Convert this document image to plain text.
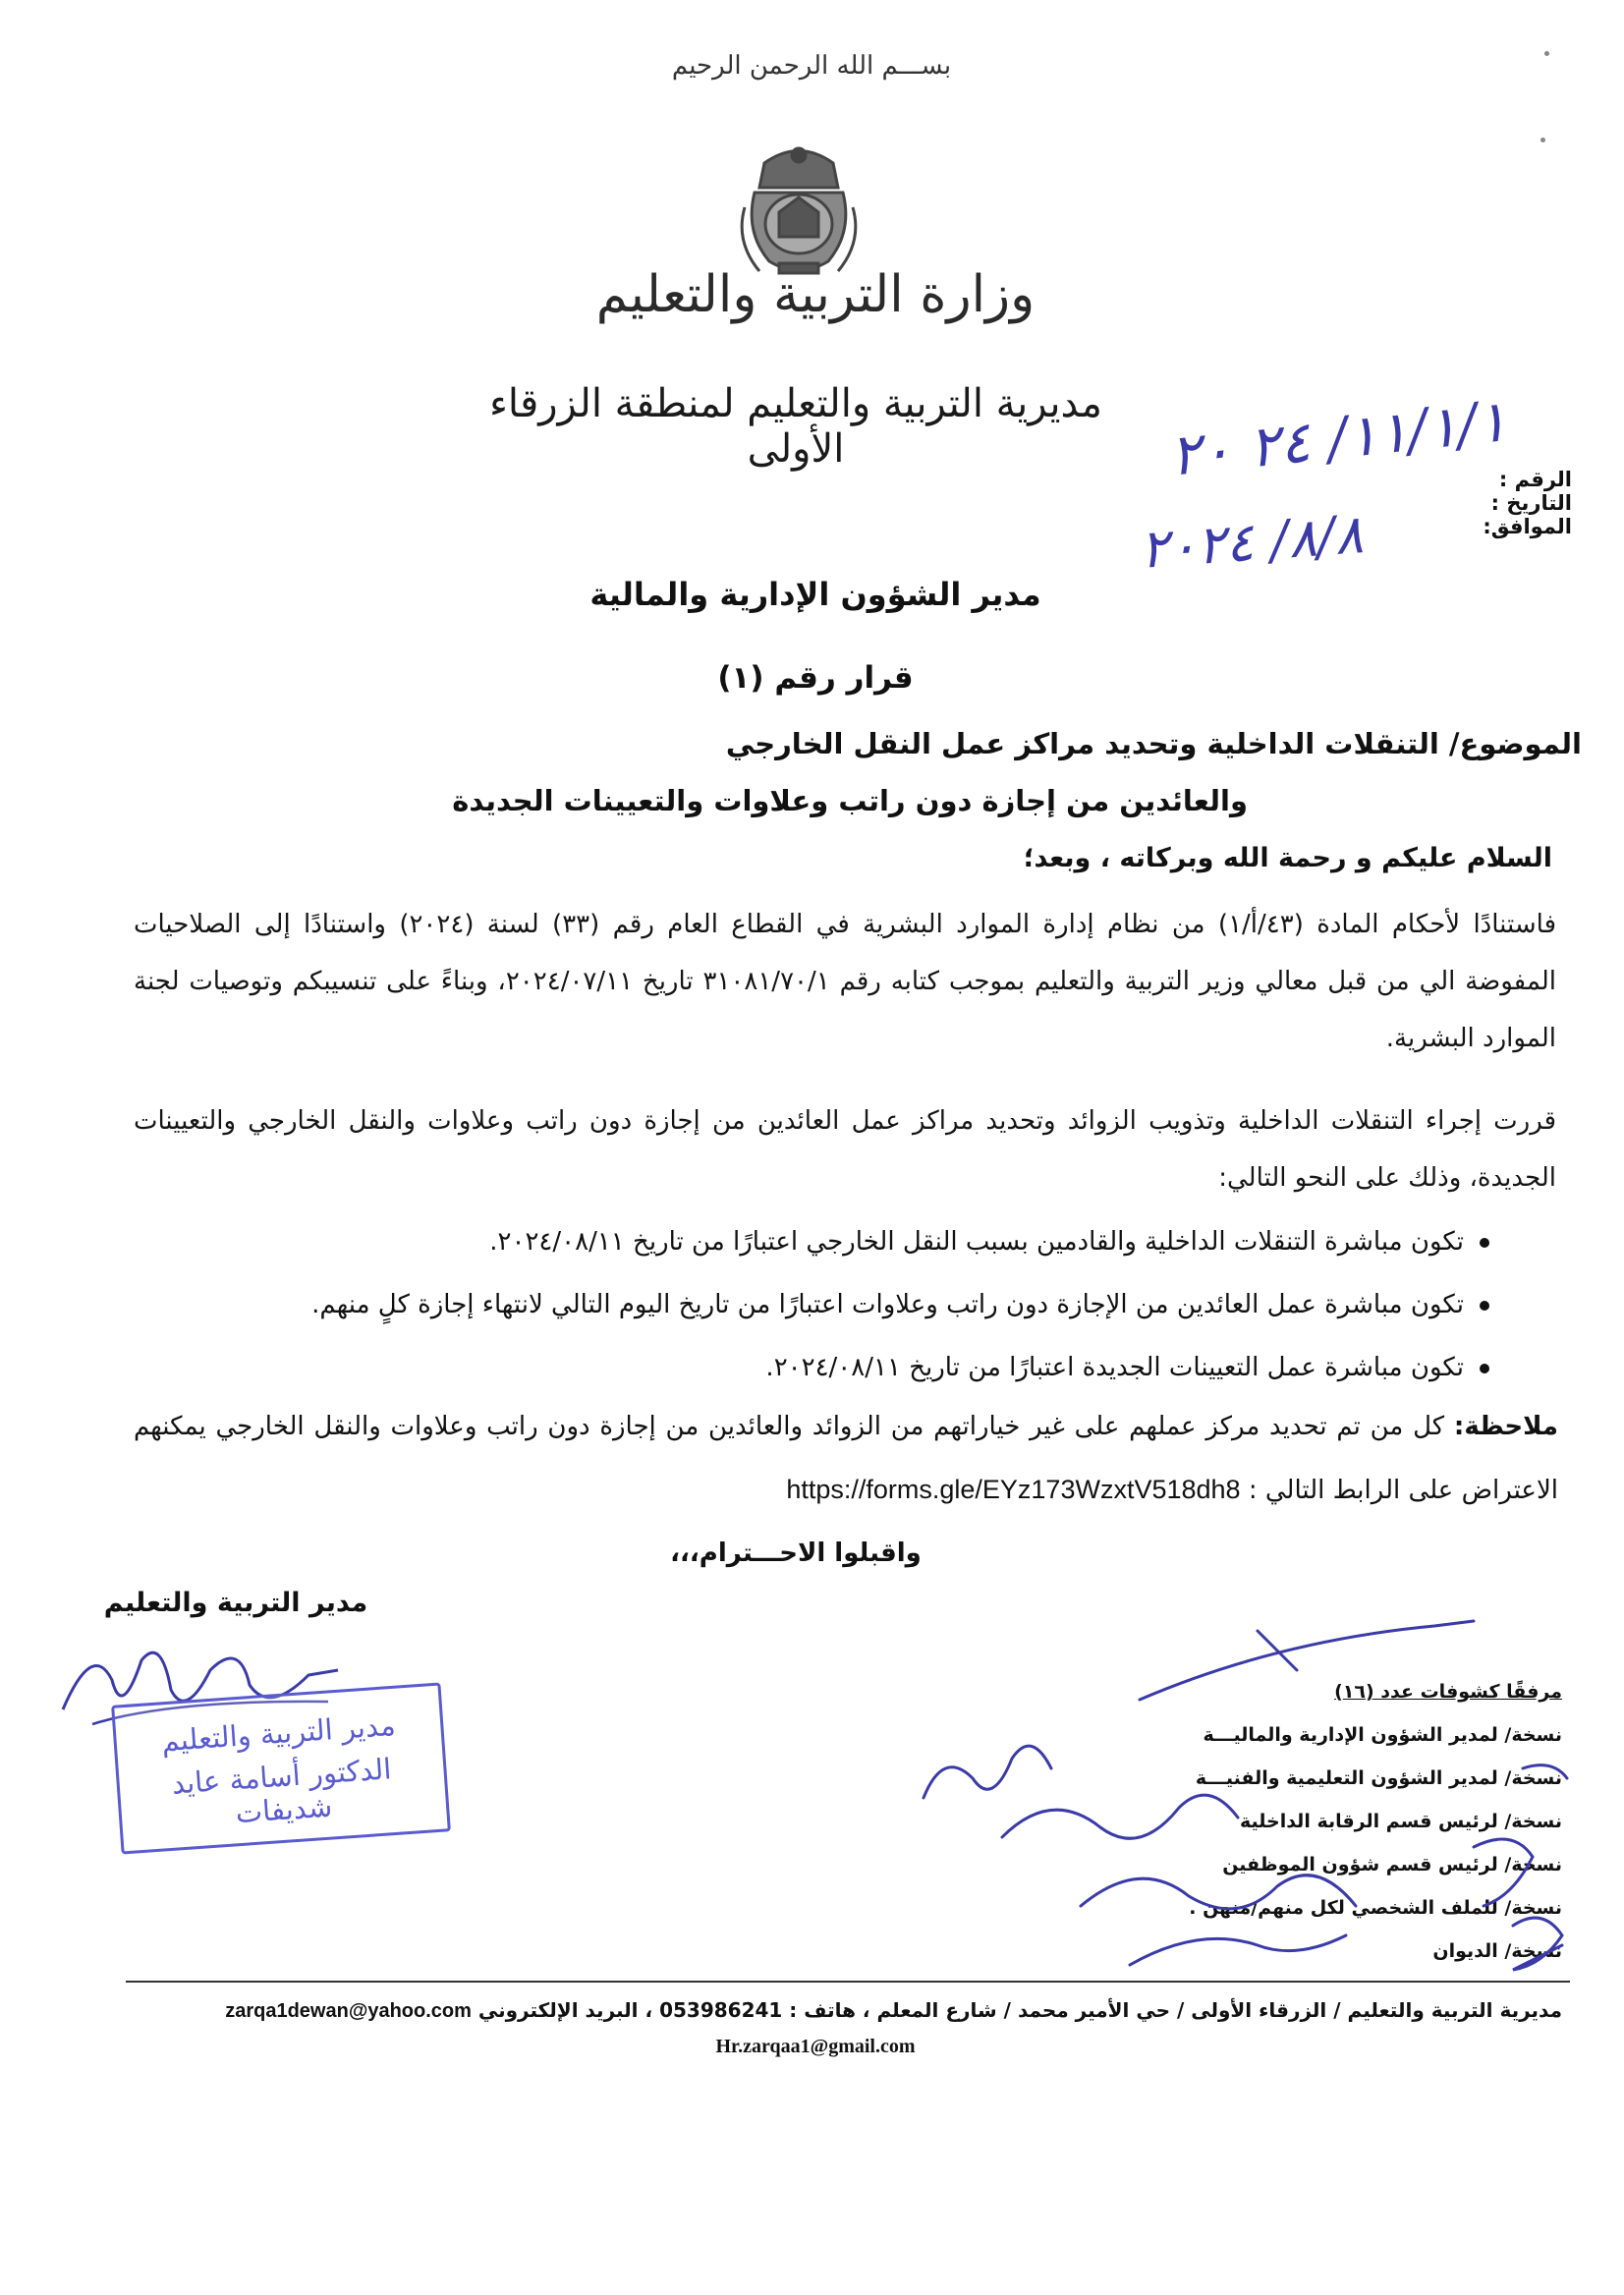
بســـم الله الرحمن الرحيم
وزارة التربية والتعليم
مديرية التربية والتعليم لمنطقة الزرقاء الأولى
الرقم :
التاريخ :
الموافق:
١١/١/١/ ٢٤ ٢٠
٨/٨/ ٢٠٢٤
مدير الشؤون الإدارية والمالية
قرار رقم (١)
الموضوع/ التنقلات الداخلية وتحديد مراكز عمل النقل الخارجي
والعائدين من إجازة دون راتب وعلاوات والتعيينات الجديدة
السلام عليكم و رحمة الله وبركاته ، وبعد؛
فاستنادًا لأحكام المادة (٤٣/أ/١) من نظام إدارة الموارد البشرية في القطاع العام رقم (٣٣) لسنة (٢٠٢٤) واستنادًا إلى الصلاحيات المفوضة الي من قبل معالي وزير التربية والتعليم بموجب كتابه رقم ٣١٠٨١/٧٠/١ تاريخ ٢٠٢٤/٠٧/١١، وبناءً على تنسيبكم وتوصيات لجنة الموارد البشرية.
قررت إجراء التنقلات الداخلية وتذويب الزوائد وتحديد مراكز عمل العائدين من إجازة دون راتب وعلاوات والنقل الخارجي والتعيينات الجديدة، وذلك على النحو التالي:
تكون مباشرة التنقلات الداخلية والقادمين بسبب النقل الخارجي اعتبارًا من تاريخ ٢٠٢٤/٠٨/١١.
تكون مباشرة عمل العائدين من الإجازة دون راتب وعلاوات اعتبارًا من تاريخ اليوم التالي لانتهاء إجازة كلٍ منهم.
تكون مباشرة عمل التعيينات الجديدة اعتبارًا من تاريخ ٢٠٢٤/٠٨/١١.
ملاحظة: كل من تم تحديد مركز عملهم على غير خياراتهم من الزوائد والعائدين من إجازة دون راتب وعلاوات والنقل الخارجي يمكنهم الاعتراض على الرابط التالي : https://forms.gle/EYz173WzxtV518dh8
واقبلوا الاحـــترام،،،
مدير التربية والتعليم
مدير التربية والتعليم
الدكتور أسامة عايد شديفات
مرفقًا كشوفات عدد (١٦)
نسخة/ لمدير الشؤون الإدارية والماليـــة
نسخة/ لمدير الشؤون التعليمية والفنيـــة
نسخة/ لرئيس قسم الرقابة الداخلية
نسخة/ لرئيس قسم شؤون الموظفين
نسخة/ للملف الشخصي لكل منهم/منهن .
نسخة/ الديوان
مديرية التربية والتعليم / الزرقاء الأولى / حي الأمير محمد / شارع المعلم ، هاتف : 053986241 ، البريد الإلكتروني zarqa1dewan@yahoo.com
Hr.zarqaa1@gmail.com
